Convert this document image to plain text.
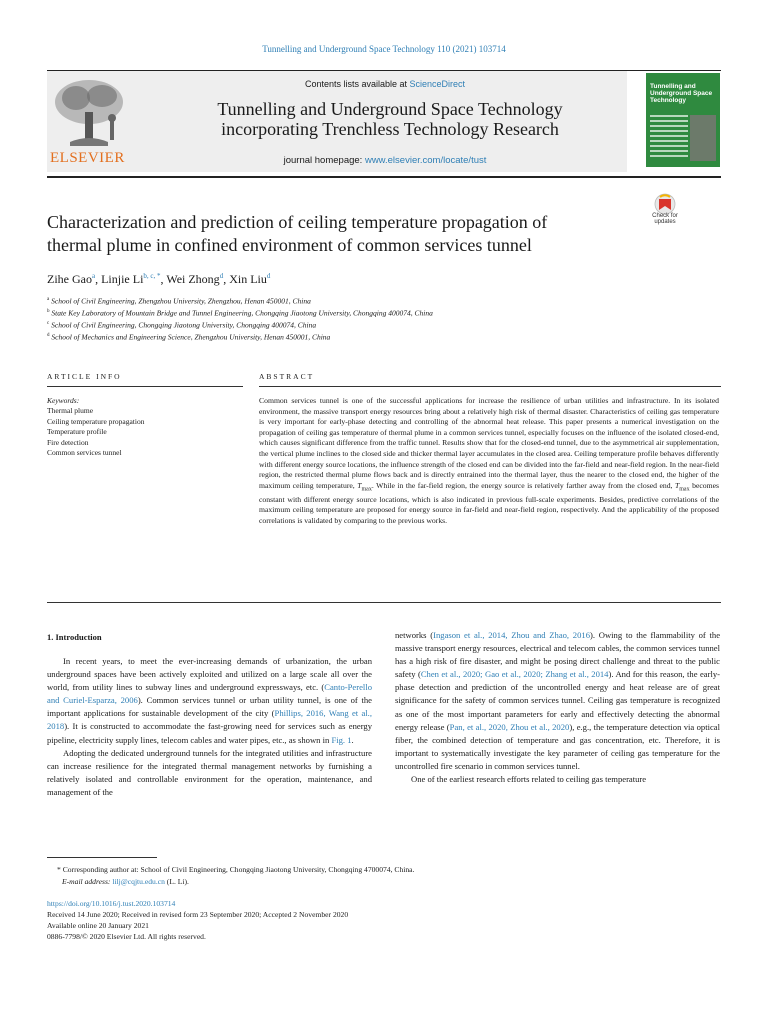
Tunnelling and Underground Space Technology 110 (2021) 103714
ELSEVIER
Contents lists available at ScienceDirect
Tunnelling and Underground Space Technology
incorporating Trenchless Technology Research
journal homepage: www.elsevier.com/locate/tust
Tunnelling and Underground Space Technology
Characterization and prediction of ceiling temperature propagation of
thermal plume in confined environment of common services tunnel
Check for updates
Zihe Gao$^a$, Linjie $Li^{b, c, *}$, Wei Zhong$^d$, Xin Liu$^d$
$^a$ School of Civil Engineering, Zhengzhou University, Zhengzhou, Henan 450001, China
$^b$ State Key Laboratory of Mountain Bridge and Tunnel Engineering, Chongqing Jiaotong University, Chongqing 400074, China
$^c$ School of Civil Engineering, Chongqing Jiaotong University, Chongqing 400074, China
$^d$ School of Mechanics and Engineering Science, Zhengzhou University, Henan 450001, China
ARTICLE INFO	ABSTRACT
Keywords:
Thermal plume
Ceiling temperature propagation
Temperature profile
Fire detection
Common services tunnel
Common services tunnel is one of the successful applications for increase the resilience of urban utilities and infrastructure. In its isolated environment, the massive transport energy resources bring about a relatively high risk of thermal disaster. Characteristics of ceiling gas temperature is very important for early-phase detecting and controlling of the abnormal heat release. This paper presents a numerical investigation on the propagation of ceiling gas temperature of thermal plume in a common services tunnel, especially focuses on the influence of the isolated closed-end, which causes significant difference from the traffic tunnel. Results show that for the closed-end tunnel, due to the asymmetrical air supplementation, the vertical plume inclines to the closed side and thicker thermal layer accumulates in the closed area. Ceiling temperature profile behaves differently with different energy source locations, the influence strength of the closed end can be divided into the far-field and near-field region. In the near-field region, the restricted thermal plume flows back and is directly entrained into the thermal layer, thus the nearer to the closed end, the higher of the maximum ceiling temperature, $T_{max}$. While in the far-field region, the energy source is relatively farther away from the closed end, $T_{max}$ becomes constant with different energy source locations, which is also indicated in previous full-scale experiments. Besides, predictive correlations of the maximum ceiling temperature are proposed for energy source in far-field and near-field region, respectively. And the applicability of the proposed correlations is validated by comparing to the previous works.
1. Introduction

In recent years, to meet the ever-increasing demands of urbanization, the urban underground spaces have been actively exploited and utilized on a large scale all over the world, from utility lines to subway lines and underground expressways, etc. (Canto-Perello and Curiel-Esparza, 2006). Common services tunnel or urban utility tunnel, is one of the important applications for sustainable development of the city (Phillips, 2016, Wang et al., 2018). It is constructed to accommodate the fast-growing need for services such as energy pipeline, electricity supply lines, telecom cables and water pipes, etc., as shown in Fig. 1.

Adopting the dedicated underground tunnels for the integrated utilities and infrastructure can increase resilience for the integrated thermal management networks by furnishing a relatively isolated and controllable environment for the operation, maintenance, and management of the

networks (Ingason et al., 2014, Zhou and Zhao, 2016). Owing to the flammability of the massive transport energy resources, electrical and telecom cables, the common services tunnel has a high risk of fire disaster, and might be posing direct challenge and threat to the public safety (Chen et al., 2020; Gao et al., 2020; Zhang et al., 2014). And for this reason, the early-phase detection and prediction of the uncontrolled energy and heat release are of great significance for the safety of common services tunnel. Ceiling gas temperature is recognized as one of the most important parameters for early and effectively detecting the abnormal energy release (Pan, et al., 2020, Zhou et al., 2020), e.g., the temperature detection via optical fiber, the combined detection of temperature and gas concentration, etc. Therefore, it is important to systematically investigate the key parameter of ceiling gas temperature for the uncontrolled fire scenario in common services tunnel.

One of the earliest research efforts related to ceiling gas temperature

* Corresponding author at: School of Civil Engineering, Chongqing Jiaotong University, Chongqing 4700074, China.
E-mail address: lilj@cqjtu.edu.cn (L. Li).
https://doi.org/10.1016/j.tust.2020.103714
Received 14 June 2020; Received in revised form 23 September 2020; Accepted 2 November 2020
Available online 20 January 2021
0886-7798/© 2020 Elsevier Ltd. All rights reserved.
